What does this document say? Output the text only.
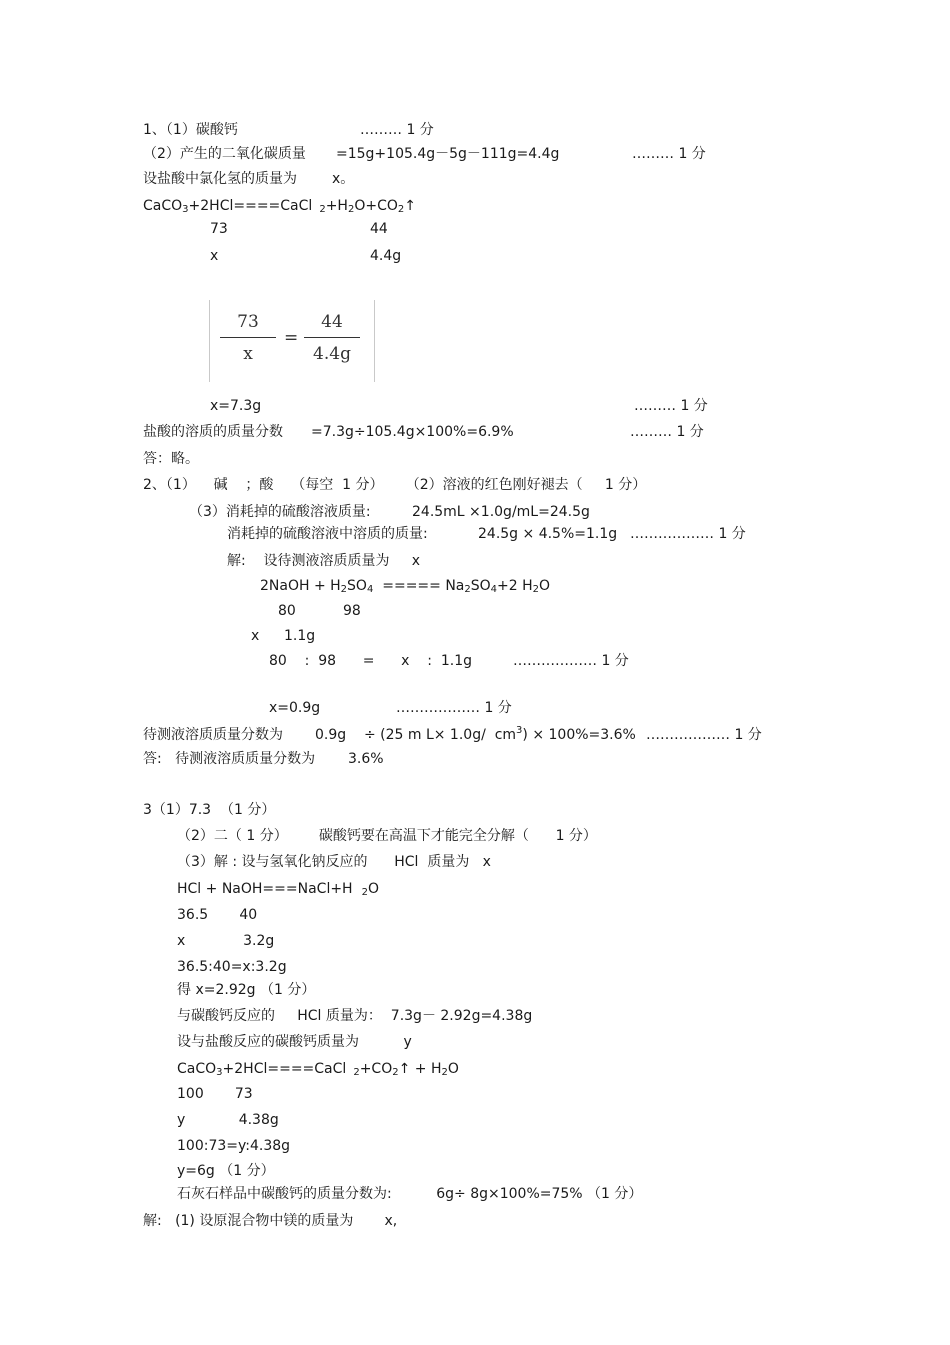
1、（1）碳酸钙	……… 1 分
（2）产生的二氧化碳质量 =15g+105.4g－5g－111g=4.4g	……… 1 分
设盐酸中氯化氢的质量为	x。
CaCO$_3$+2HCl====CaCl $_2+H_2O+CO_2↑$
73	44
x	4.4g
73
x
=
44
4.4g
x=7.3g	……… 1 分
盐酸的溶质的质量分数 =7.3g÷105.4g×100%=6.9%	……… 1 分
答：略。
2、（1）    碱    ；酸    （每空  1 分）     （2）溶液的红色刚好褪去（     1 分）
（3）消耗掉的硫酸溶液质量:	24.5mL ×1.0g/mL=24.5g
消耗掉的硫酸溶液中溶质的质量:	24.5g × 4.5%=1.1g ……………… 1 分
解:    设待测液溶质质量为     x
2NaOH + $H_2SO_4$  ===== $Na_2SO_4+2$ $H_2O$
80	98
x 1.1g
80    :  98      =      x    :  1.1g	……………… 1 分
x=0.9g	……………… 1 分
待测液溶质质量分数为 0.9g    ÷ (25 m L× 1.0g/  $cm^3) \times 100\%=3.6\%$ ……………… 1 分
答:   待测液溶质质量分数为 3.6%
3（1）7.3  （1 分）
（2）二（ 1 分）       碳酸钙要在高温下才能完全分解（      1 分）
（3）解 : 设与氢氧化钠反应的      HCl  质量为   x
HCl + NaOH===NaCl+H $_2$O
36.5       40
x             3.2g
36.5:40=x:3.2g
得 x=2.92g （1 分）
与碳酸钙反应的     HCl 质量为：  7.3g－ 2.92g=4.38g
设与盐酸反应的碳酸钙质量为          y
CaCO$_3$+2HCl====CaCl $_2+CO_2↑ + H_2O$
100       73
y            4.38g
100:73=y:4.38g
y=6g （1 分）
石灰石样品中碳酸钙的质量分数为:          6g÷ 8g×100%=75% （1 分）
解:   (1) 设原混合物中镁的质量为       x,
